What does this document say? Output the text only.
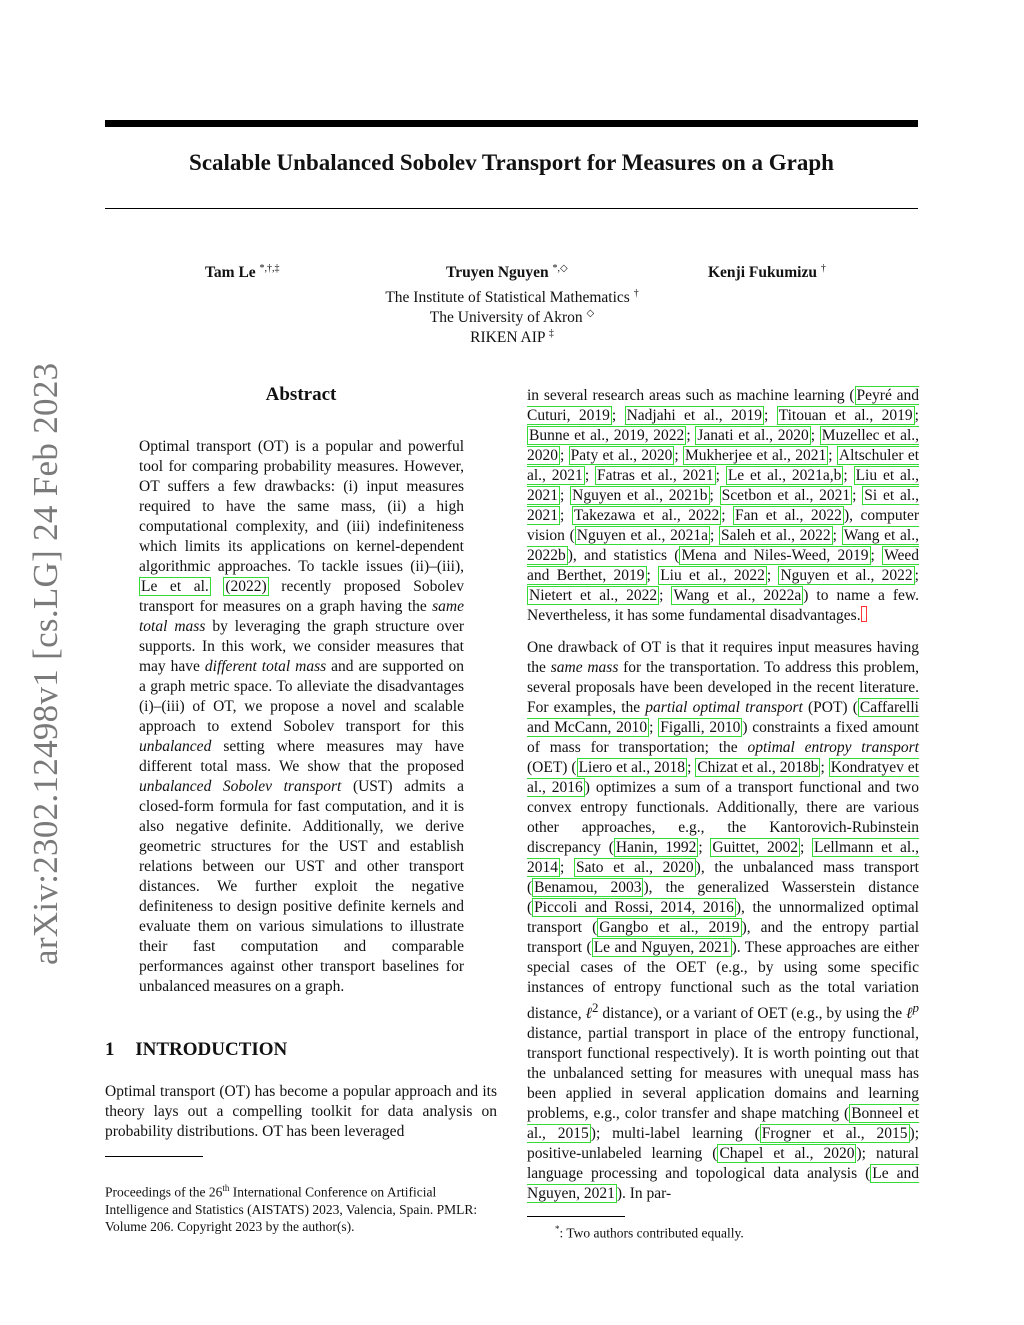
arXiv:2302.12498v1 [cs.LG] 24 Feb 2023
Scalable Unbalanced Sobolev Transport for Measures on a Graph
Tam Le *,†,‡	Truyen Nguyen *,◇	Kenji Fukumizu †
The Institute of Statistical Mathematics †
The University of Akron ◇
RIKEN AIP ‡
Abstract

Optimal transport (OT) is a popular and powerful tool for comparing probability measures. However, OT suffers a few drawbacks: (i) input measures required to have the same mass, (ii) a high computational complexity, and (iii) indefiniteness which limits its applications on kernel-dependent algorithmic approaches. To tackle issues (ii)–(iii), Le et al. (2022) recently proposed Sobolev transport for measures on a graph having the same total mass by leveraging the graph structure over supports. In this work, we consider measures that may have different total mass and are supported on a graph metric space. To alleviate the disadvantages (i)–(iii) of OT, we propose a novel and scalable approach to extend Sobolev transport for this unbalanced setting where measures may have different total mass. We show that the proposed unbalanced Sobolev transport (UST) admits a closed-form formula for fast computation, and it is also negative definite. Additionally, we derive geometric structures for the UST and establish relations between our UST and other transport distances. We further exploit the negative definiteness to design positive definite kernels and evaluate them on various simulations to illustrate their fast computation and comparable performances against other transport baselines for unbalanced measures on a graph.

1 INTRODUCTION

Optimal transport (OT) has become a popular approach and its theory lays out a compelling toolkit for data analysis on probability distributions. OT has been leveraged

Proceedings of the 26th International Conference on Artificial Intelligence and Statistics (AISTATS) 2023, Valencia, Spain. PMLR: Volume 206. Copyright 2023 by the author(s).

in several research areas such as machine learning ( Peyré and Cuturi, 2019 ; Nadjahi et al., 2019 ; Titouan et al., 2019 ; Bunne et al., 2019, 2022 ; Janati et al., 2020 ; Muzellec et al., 2020 ; Paty et al., 2020 ; Mukherjee et al., 2021 ; Altschuler et al., 2021 ; Fatras et al., 2021 ; Le et al., 2021a,b ; Liu et al., 2021 ; Nguyen et al., 2021b ; Scetbon et al., 2021 ; Si et al., 2021 ; Takezawa et al., 2022 ; Fan et al., 2022 ), computer vision ( Nguyen et al., 2021a ; Saleh et al., 2022 ; Wang et al., 2022b ), and statistics ( Mena and Niles-Weed, 2019 ; Weed and Berthet, 2019 ; Liu et al., 2022 ; Nguyen et al., 2022 ; Nietert et al., 2022 ; Wang et al., 2022a ) to name a few. Nevertheless, it has some fundamental disadvantages.

One drawback of OT is that it requires input measures having the same mass for the transportation. To address this problem, several proposals have been developed in the recent literature. For examples, the partial optimal transport (POT) ( Caffarelli and McCann, 2010 ; Figalli, 2010 ) constraints a fixed amount of mass for transportation; the optimal entropy transport (OET) ( Liero et al., 2018 ; Chizat et al., 2018b ; Kondratyev et al., 2016 ) optimizes a sum of a transport functional and two convex entropy functionals. Additionally, there are various other approaches, e.g., the Kantorovich-Rubinstein discrepancy ( Hanin, 1992 ; Guittet, 2002 ; Lellmann et al., 2014 ; Sato et al., 2020 ), the unbalanced mass transport ( Benamou, 2003 ), the generalized Wasserstein distance ( Piccoli and Rossi, 2014, 2016 ), the unnormalized optimal transport ( Gangbo et al., 2019 ), and the entropy partial transport ( Le and Nguyen, 2021 ). These approaches are either special cases of the OET (e.g., by using some specific instances of entropy functional such as the total variation distance, ℓ$^2$ distance), or a variant of OET (e.g., by using the ℓ$^p$ distance, partial transport in place of the entropy functional, transport functional respectively). It is worth pointing out that the unbalanced setting for measures with unequal mass has been applied in several application domains and learning problems, e.g., color transfer and shape matching ( Bonneel et al., 2015 ); multi-label learning ( Frogner et al., 2015 ); positive-unlabeled learning ( Chapel et al., 2020 ); natural language processing and topological data analysis ( Le and Nguyen, 2021 ). In par-

*: Two authors contributed equally.
